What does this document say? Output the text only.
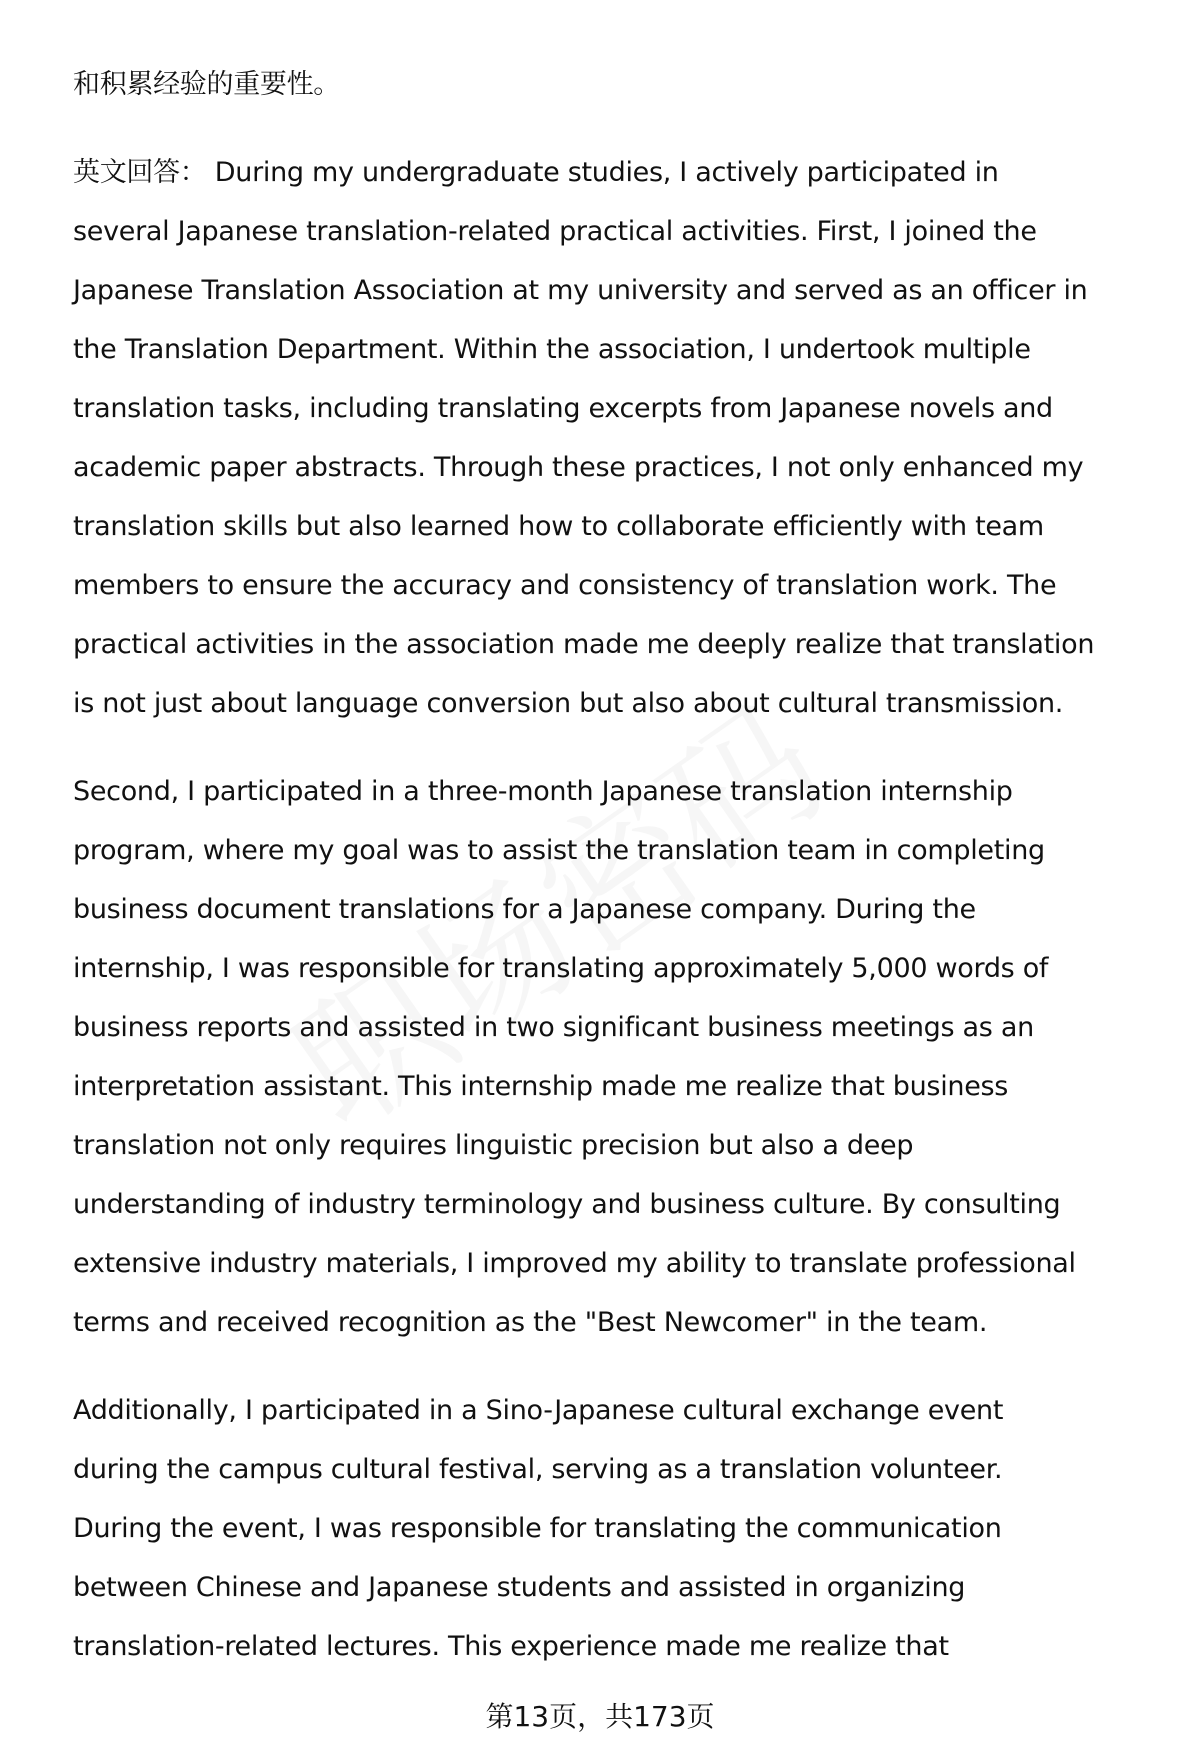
和积累经验的重要性。
英文回答： During my undergraduate studies, I actively participated in
several Japanese translation-related practical activities. First, I joined the
Japanese Translation Association at my university and served as an officer in
the Translation Department. Within the association, I undertook multiple
translation tasks, including translating excerpts from Japanese novels and
academic paper abstracts. Through these practices, I not only enhanced my
translation skills but also learned how to collaborate efficiently with team
members to ensure the accuracy and consistency of translation work. The
practical activities in the association made me deeply realize that translation
is not just about language conversion but also about cultural transmission.
Second, I participated in a three-month Japanese translation internship
program, where my goal was to assist the translation team in completing
business document translations for a Japanese company. During the
internship, I was responsible for translating approximately 5,000 words of
business reports and assisted in two significant business meetings as an
interpretation assistant. This internship made me realize that business
translation not only requires linguistic precision but also a deep
understanding of industry terminology and business culture. By consulting
extensive industry materials, I improved my ability to translate professional
terms and received recognition as the "Best Newcomer" in the team.
Additionally, I participated in a Sino-Japanese cultural exchange event
during the campus cultural festival, serving as a translation volunteer.
During the event, I was responsible for translating the communication
between Chinese and Japanese students and assisted in organizing
translation-related lectures. This experience made me realize that
第13页，共173页
